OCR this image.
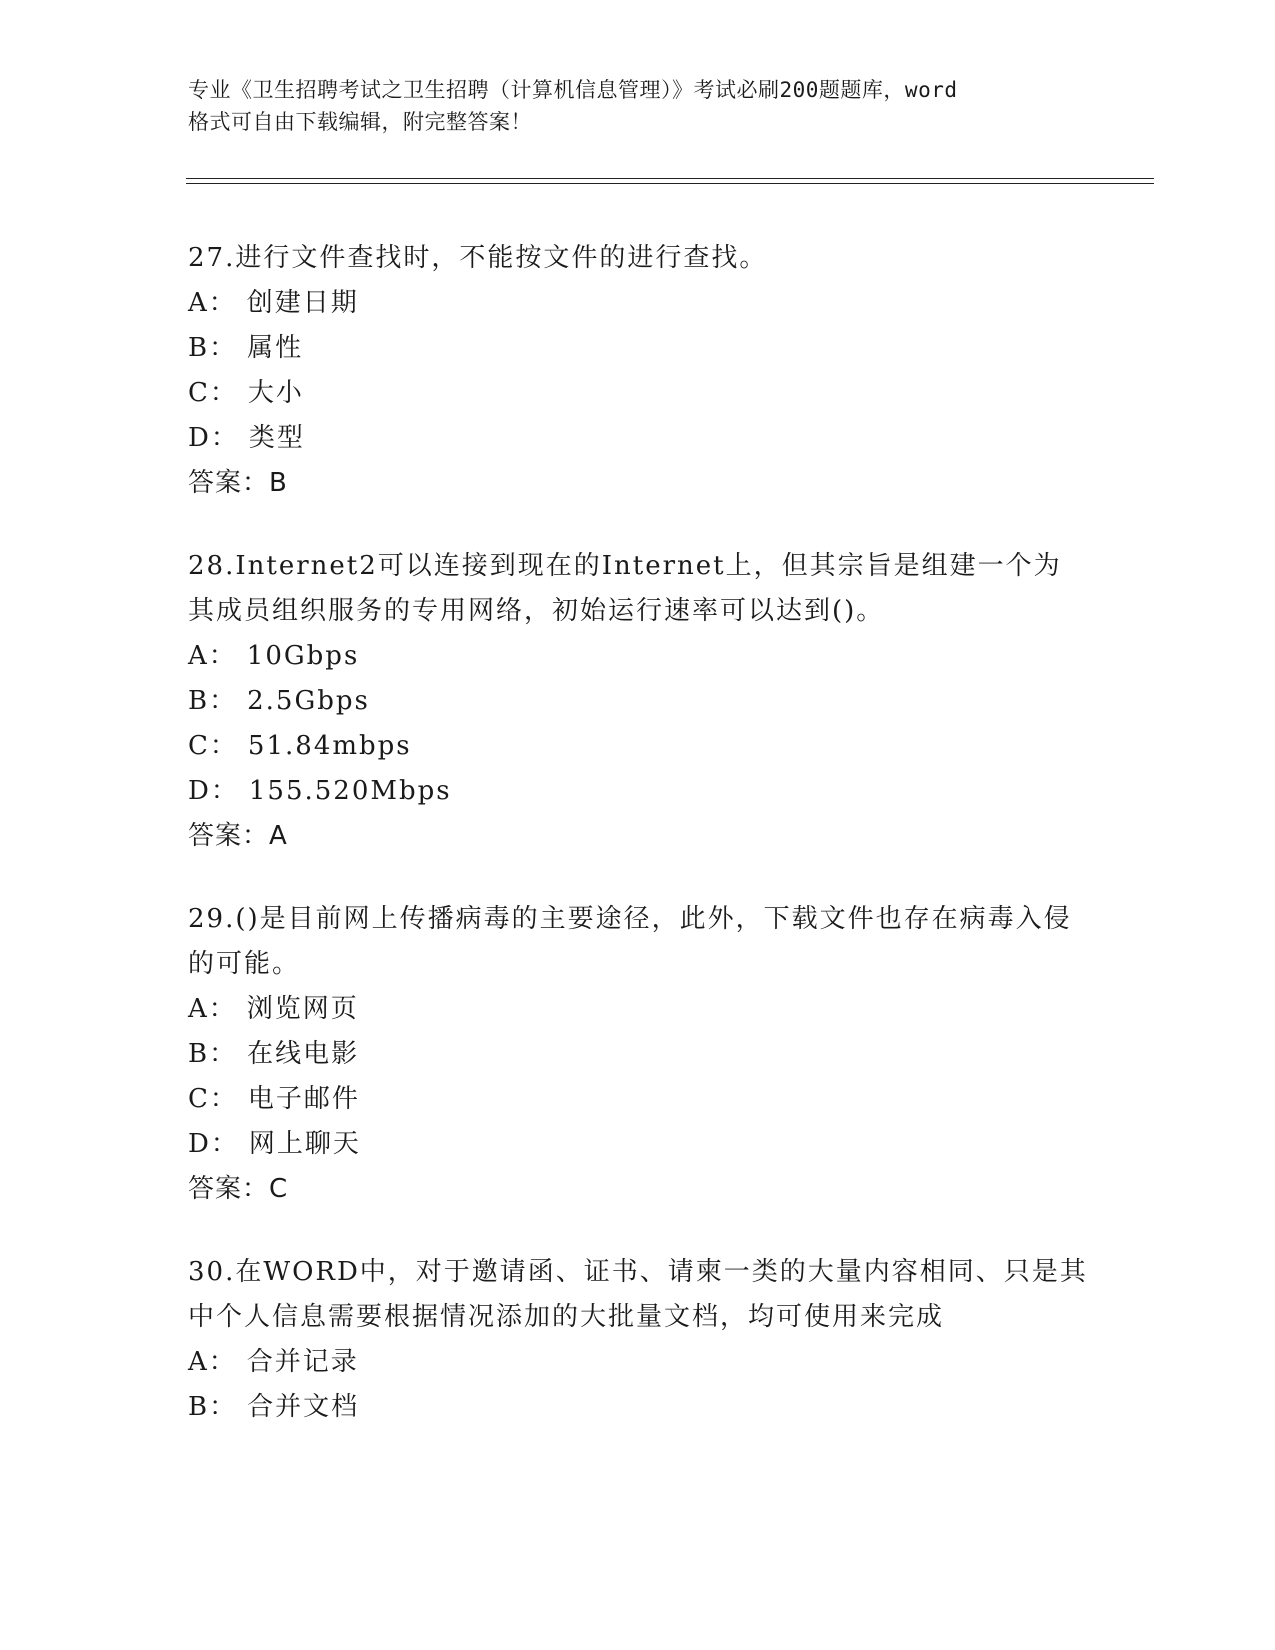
专业《卫生招聘考试之卫生招聘（计算机信息管理）》考试必刷200题题库，word
格式可自由下载编辑，附完整答案！
27.进行文件查找时，不能按文件的进行查找。
A： 创建日期
B： 属性
C： 大小
D： 类型
答案：B
28.Internet2可以连接到现在的Internet上，但其宗旨是组建一个为其成员组织服务的专用网络，初始运行速率可以达到()。
A： 10Gbps
B： 2.5Gbps
C： 51.84mbps
D： 155.520Mbps
答案：A
29.()是目前网上传播病毒的主要途径，此外，下载文件也存在病毒入侵的可能。
A： 浏览网页
B： 在线电影
C： 电子邮件
D： 网上聊天
答案：C
30.在WORD中，对于邀请函、证书、请柬一类的大量内容相同、只是其中个人信息需要根据情况添加的大批量文档，均可使用来完成
A： 合并记录
B： 合并文档
